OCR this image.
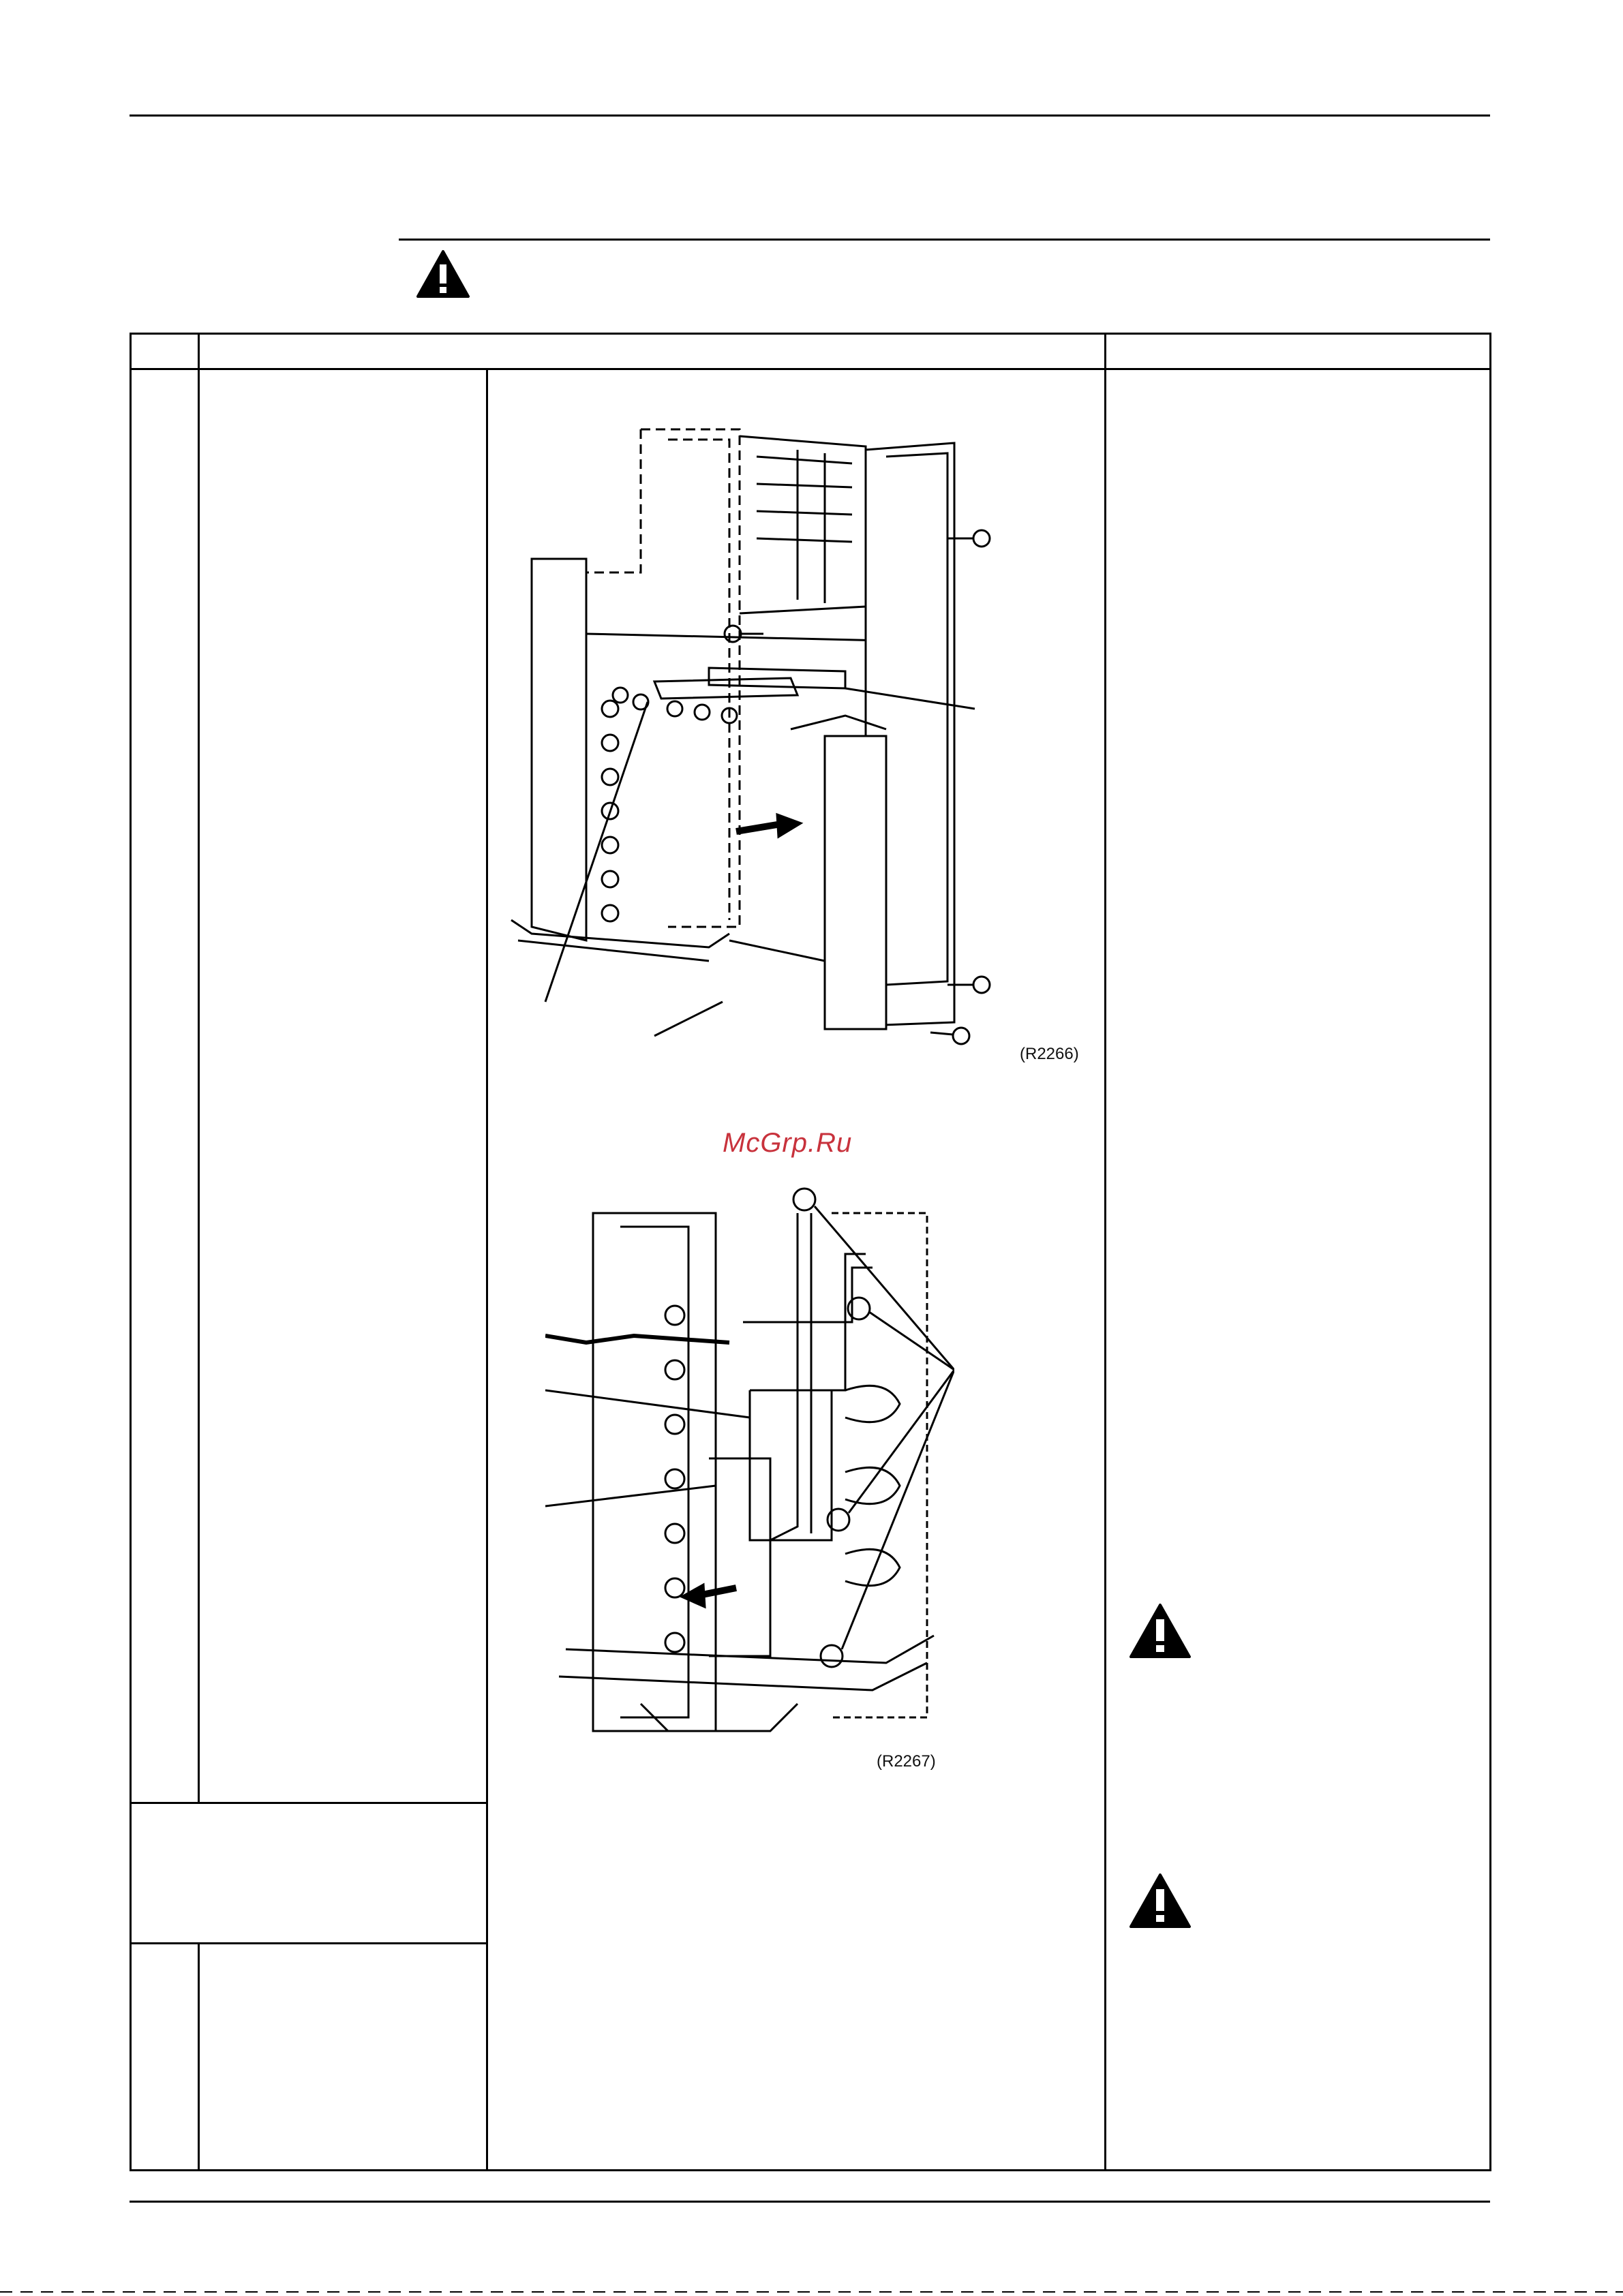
(R2266)
McGrp.Ru
(R2267)
